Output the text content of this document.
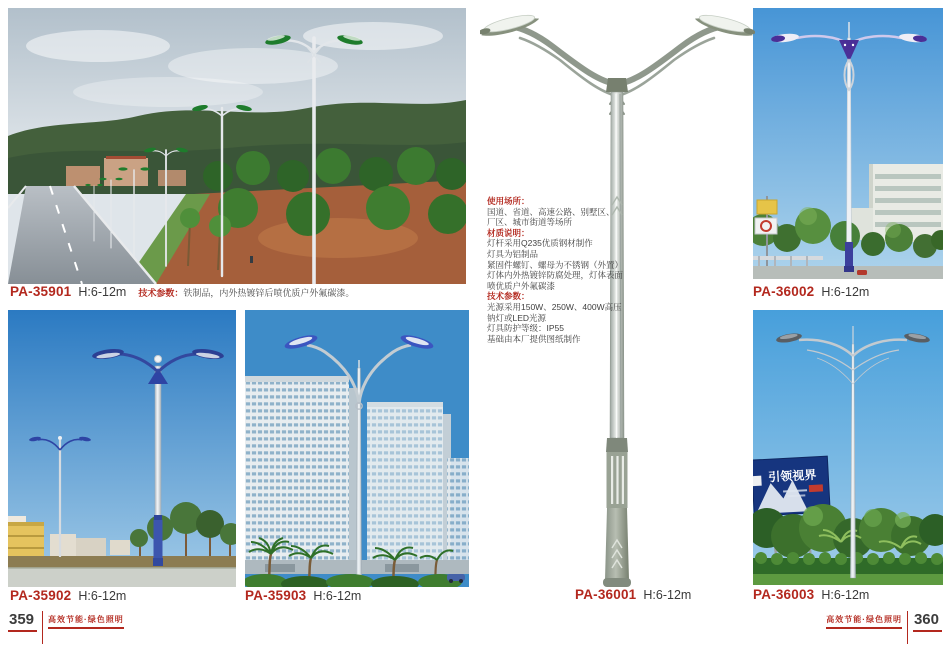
PA-35901 H:6-12m 技术参数：铁制品，内外热镀锌后喷优质户外氟碳漆。
PA-35902 H:6-12m	PA-35903 H:6-12m
使用场所：
国道、省道、高速公路、别墅区、
厂区、城市街道等场所
材质说明：
灯杆采用Q235优质钢材制作
灯具为铝制品
紧固件螺钉、螺母为不锈钢（外置）
灯体内外热镀锌防腐处理，灯体表面
喷优质户外氟碳漆
技术参数：
光源采用150W、250W、400W高压
钠灯或LED光源
灯具防护等级：IP55
基础由本厂提供图纸制作
PA-36001 H:6-12m
PA-36002 H:6-12m
引领视界
PA-36003 H:6-12m
359	高效节能·绿色照明	高效节能·绿色照明 360
